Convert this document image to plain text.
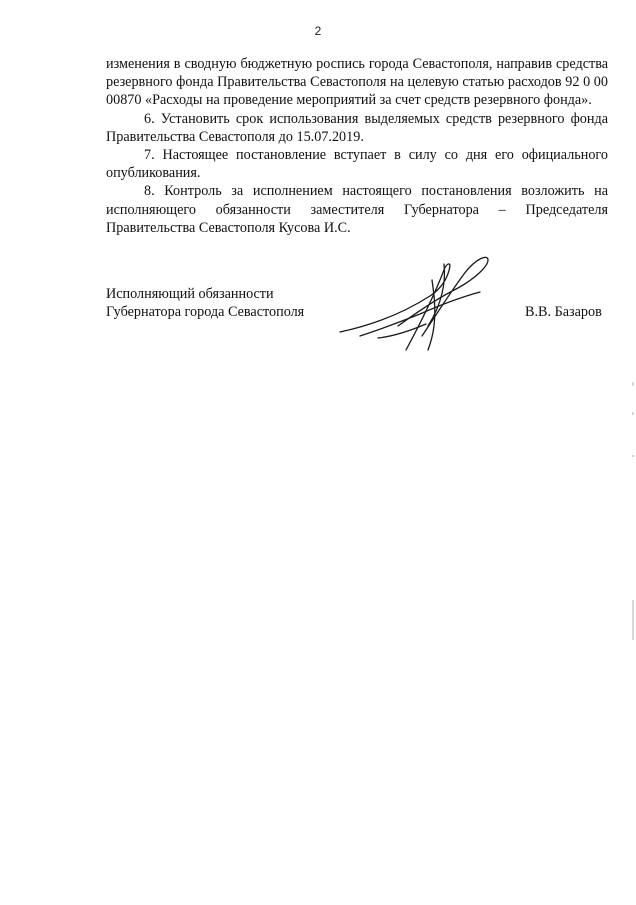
2

изменения в сводную бюджетную роспись города Севастополя, направив средства резервного фонда Правительства Севастополя на целевую статью расходов 92 0 00 00870 «Расходы на проведение мероприятий за счет средств резервного фонда».

6. Установить срок использования выделяемых средств резервного фонда Правительства Севастополя до 15.07.2019.

7. Настоящее постановление вступает в силу со дня его официального опубликования.

8. Контроль за исполнением настоящего постановления возложить на исполняющего обязанности заместителя Губернатора – Председателя Правительства Севастополя Кусова И.С.

Исполняющий обязанности
Губернатора города Севастополя	В.В. Базаров
